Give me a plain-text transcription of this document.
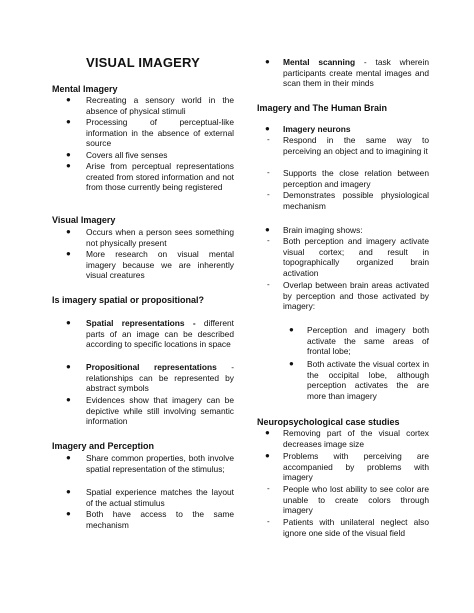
VISUAL IMAGERY
Mental Imagery
● Recreating a sensory world in the absence of physical stimuli
● Processing of perceptual-like information in the absence of external source
● Covers all five senses
● Arise from perceptual representations created from stored information and not from those currently being registered
Visual Imagery
● Occurs when a person sees something not physically present
● More research on visual mental imagery because we are inherently visual creatures
Is imagery spatial or propositional?
● Spatial representations - different parts of an image can be described according to specific locations in space
● Propositional representations - relationships can be represented by abstract symbols
● Evidences show that imagery can be depictive while still involving semantic information
Imagery and Perception
● Share common properties, both involve spatial representation of the stimulus;
● Spatial experience matches the layout of the actual stimulus
● Both have access to the same mechanism
● Mental scanning - task wherein participants create mental images and scan them in their minds
Imagery and The Human Brain
● Imagery neurons
- Respond in the same way to perceiving an object and to imagining it
- Supports the close relation between perception and imagery
- Demonstrates possible physiological mechanism
● Brain imaging shows:
- Both perception and imagery activate visual cortex; and result in topographically organized brain activation
- Overlap between brain areas activated by perception and those activated by imagery:
● Perception and imagery both activate the same areas of frontal lobe;
● Both activate the visual cortex in the occipital lobe, although perception activates the are more than imagery
Neuropsychological case studies
● Removing part of the visual cortex decreases image size
● Problems with perceiving are accompanied by problems with imagery
- People who lost ability to see color are unable to create colors through imagery
- Patients with unilateral neglect also ignore one side of the visual field
